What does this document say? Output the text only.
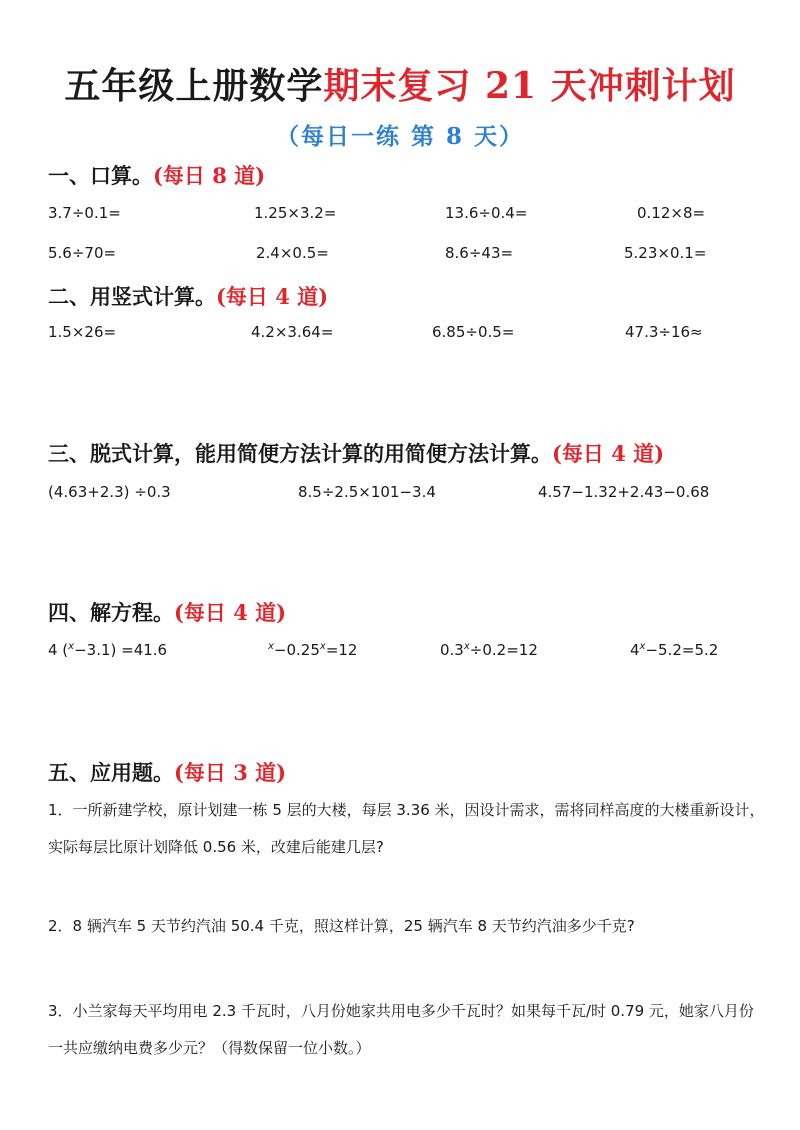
五年级上册数学期末复习 21 天冲刺计划
（每日一练 第 8 天）
一、口算。(每日 8 道)
3.7÷0.1=	1.25×3.2=	13.6÷0.4=	0.12×8=
5.6÷70=	2.4×0.5=	8.6÷43=	5.23×0.1=
二、用竖式计算。(每日 4 道)
1.5×26=	4.2×3.64=	6.85÷0.5=	47.3÷16≈
三、脱式计算，能用简便方法计算的用简便方法计算。(每日 4 道)
(4.63+2.3) ÷0.3	8.5÷2.5×101−3.4	4.57−1.32+2.43−0.68
四、解方程。(每日 4 道)
4 ($^x$−3.1) =41.6	$^x-0.25^x=12$	$0.3^x\div 0.2=12$	$4^x-5.2=5.2$
五、应用题。(每日 3 道)
1．一所新建学校，原计划建一栋 5 层的大楼，每层 3.36 米，因设计需求，需将同样高度的大楼重新设计，实际每层比原计划降低 0.56 米，改建后能建几层?
2．8 辆汽车 5 天节约汽油 50.4 千克，照这样计算，25 辆汽车 8 天节约汽油多少千克?
3．小兰家每天平均用电 2.3 千瓦时，八月份她家共用电多少千瓦时？如果每千瓦/时 0.79 元，她家八月份一共应缴纳电费多少元？（得数保留一位小数。）
